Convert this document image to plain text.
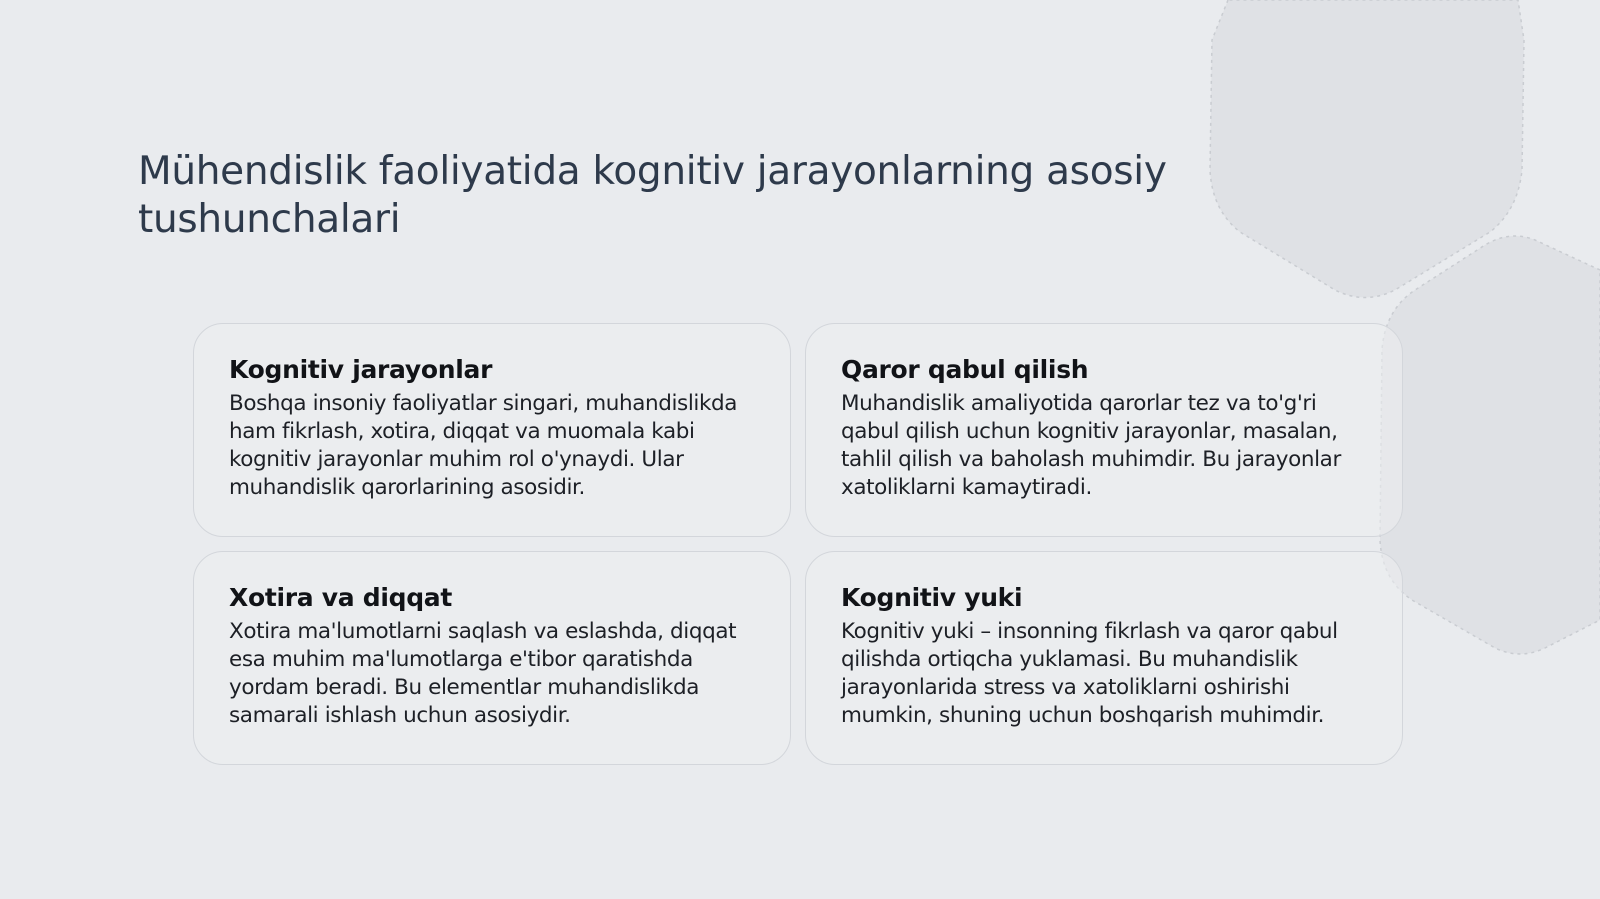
Mühendislik faoliyatida kognitiv jarayonlarning asosiy tushunchalari
Kognitiv jarayonlar

Boshqa insoniy faoliyatlar singari, muhandislikda ham fikrlash, xotira, diqqat va muomala kabi kognitiv jarayonlar muhim rol o'ynaydi. Ular muhandislik qarorlarining asosidir.

Qaror qabul qilish

Muhandislik amaliyotida qarorlar tez va to'g'ri qabul qilish uchun kognitiv jarayonlar, masalan, tahlil qilish va baholash muhimdir. Bu jarayonlar xatoliklarni kamaytiradi.

Xotira va diqqat

Xotira ma'lumotlarni saqlash va eslashda, diqqat esa muhim ma'lumotlarga e'tibor qaratishda yordam beradi. Bu elementlar muhandislikda samarali ishlash uchun asosiydir.

Kognitiv yuki

Kognitiv yuki – insonning fikrlash va qaror qabul qilishda ortiqcha yuklamasi. Bu muhandislik jarayonlarida stress va xatoliklarni oshirishi mumkin, shuning uchun boshqarish muhimdir.
